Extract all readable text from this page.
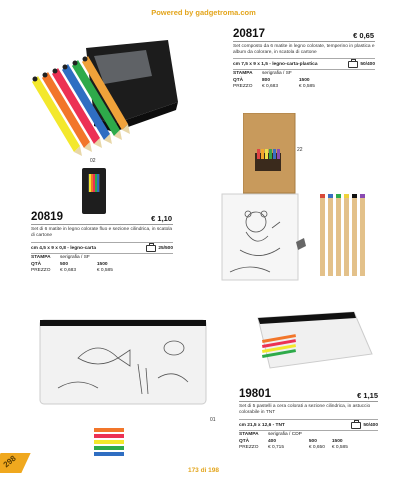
Powered by gadgetroma.com
20817	€ 0,65
Set composto da 6 matite in legno colorate, temperino in plastica e album da colorare, in scatola di cartone
cm 7,5 x 9 x 1,5 - legno-carta-plastica	50/400
STAMPA	serigrafia / SF	
QTÀ	800	1500
PREZZO	€ 0,683	€ 0,585
02
22
20819	€ 1,10
Set di 6 matite in legno colorate fluo e sezione cilindrica, in scatola di cartone
cm 4,5 x 9 x 0,8 - legno-carta	25/500
STAMPA	serigrafia / SF	
QTÀ	500	1500
PREZZO	€ 0,683	€ 0,585
01
19801	€ 1,15
Set di 5 pastelli a cera colorati a sezione cilindrica, in astuccio colorabile in TNT
cm 21,5 x 12,6 - TNT	50/400
STAMPA	serigrafia / CDP		
QTÀ	400	500	1500
PREZZO	€ 0,715	€ 0,650	€ 0,585
298
173 di 198
